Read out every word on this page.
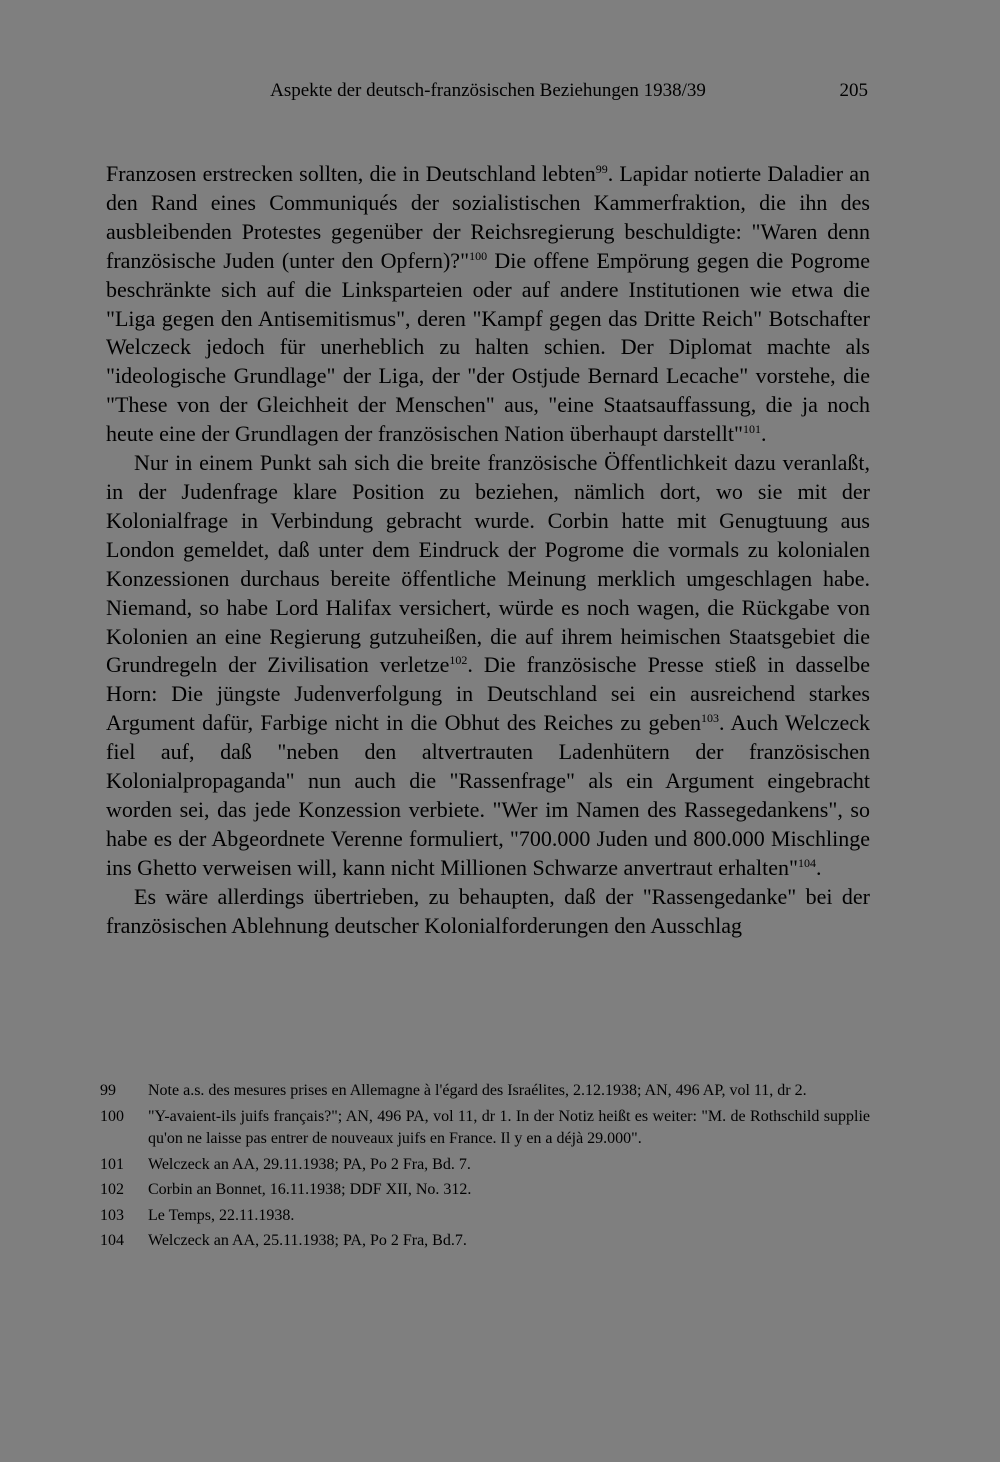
Aspekte der deutsch-französischen Beziehungen 1938/39	205

Franzosen erstrecken sollten, die in Deutschland lebten$^{99}$. Lapidar notierte Daladier an den Rand eines Communiqués der sozialistischen Kammerfraktion, die ihn des ausbleibenden Protestes gegenüber der Reichsregierung beschuldigte: "Waren denn französische Juden (unter den Opfern)?"$^{100}$ Die offene Empörung gegen die Pogrome beschränkte sich auf die Linksparteien oder auf andere Institutionen wie etwa die "Liga gegen den Antisemitismus", deren "Kampf gegen das Dritte Reich" Botschafter Welczeck jedoch für unerheblich zu halten schien. Der Diplomat machte als "ideologische Grundlage" der Liga, der "der Ostjude Bernard Lecache" vorstehe, die "These von der Gleichheit der Menschen" aus, "eine Staatsauffassung, die ja noch heute eine der Grundlagen der französischen Nation überhaupt darstellt"$^{101}$.

Nur in einem Punkt sah sich die breite französische Öffentlichkeit dazu veranlaßt, in der Judenfrage klare Position zu beziehen, nämlich dort, wo sie mit der Kolonialfrage in Verbindung gebracht wurde. Corbin hatte mit Genugtuung aus London gemeldet, daß unter dem Eindruck der Pogrome die vormals zu kolonialen Konzessionen durchaus bereite öffentliche Meinung merklich umgeschlagen habe. Niemand, so habe Lord Halifax versichert, würde es noch wagen, die Rückgabe von Kolonien an eine Regierung gutzuheißen, die auf ihrem heimischen Staatsgebiet die Grundregeln der Zivilisation verletze$^{102}$. Die französische Presse stieß in dasselbe Horn: Die jüngste Judenverfolgung in Deutschland sei ein ausreichend starkes Argument dafür, Farbige nicht in die Obhut des Reiches zu geben$^{103}$. Auch Welczeck fiel auf, daß "neben den altvertrauten Ladenhütern der französischen Kolonialpropaganda" nun auch die "Rassenfrage" als ein Argument eingebracht worden sei, das jede Konzession verbiete. "Wer im Namen des Rassegedankens", so habe es der Abgeordnete Verenne formuliert, "700.000 Juden und 800.000 Mischlinge ins Ghetto verweisen will, kann nicht Millionen Schwarze anvertraut erhalten"$^{104}$.

Es wäre allerdings übertrieben, zu behaupten, daß der "Rassengedanke" bei der französischen Ablehnung deutscher Kolonialforderungen den Ausschlag

99	Note a.s. des mesures prises en Allemagne à l'égard des Israélites, 2.12.1938; AN, 496 AP, vol 11, dr 2.
100	"Y-avaient-ils juifs français?"; AN, 496 PA, vol 11, dr 1. In der Notiz heißt es weiter: "M. de Rothschild supplie qu'on ne laisse pas entrer de nouveaux juifs en France. Il y en a déjà 29.000".
101	Welczeck an AA, 29.11.1938; PA, Po 2 Fra, Bd. 7.
102	Corbin an Bonnet, 16.11.1938; DDF XII, No. 312.
103	Le Temps, 22.11.1938.
104	Welczeck an AA, 25.11.1938; PA, Po 2 Fra, Bd.7.
